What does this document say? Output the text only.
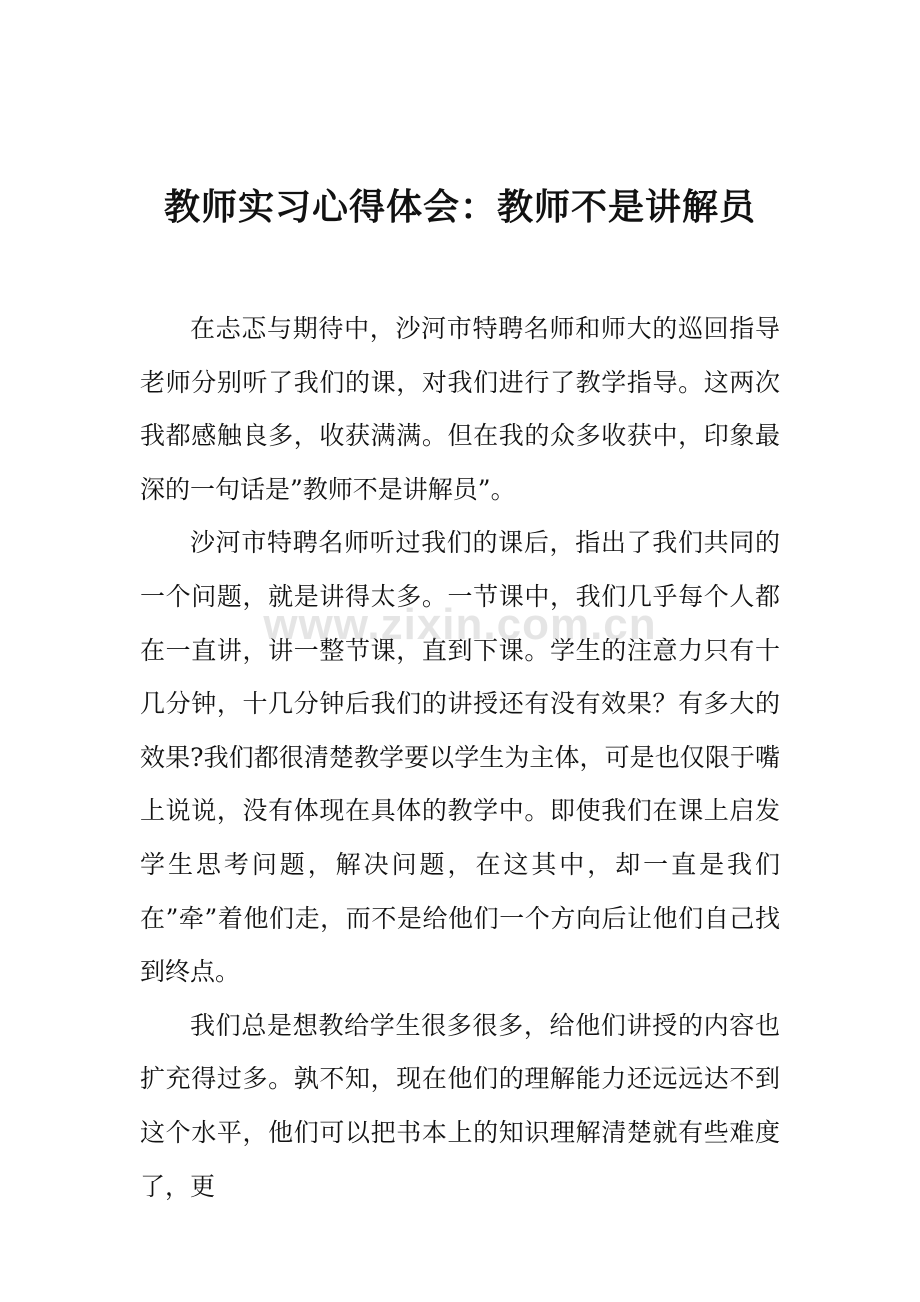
教师实习心得体会：教师不是讲解员

在忐忑与期待中，沙河市特聘名师和师大的巡回指导老师分别听了我们的课，对我们进行了教学指导。这两次我都感触良多，收获满满。但在我的众多收获中，印象最深的一句话是”教师不是讲解员”。

沙河市特聘名师听过我们的课后，指出了我们共同的一个问题，就是讲得太多。一节课中，我们几乎每个人都在一直讲，讲一整节课，直到下课。学生的注意力只有十几分钟，十几分钟后我们的讲授还有没有效果？有多大的效果?我们都很清楚教学要以学生为主体，可是也仅限于嘴上说说，没有体现在具体的教学中。即使我们在课上启发学生思考问题，解决问题，在这其中，却一直是我们在”牵”着他们走，而不是给他们一个方向后让他们自己找到终点。

我们总是想教给学生很多很多，给他们讲授的内容也扩充得过多。孰不知，现在他们的理解能力还远远达不到这个水平，他们可以把书本上的知识理解清楚就有些难度了，更

www.zixin.com.cn
